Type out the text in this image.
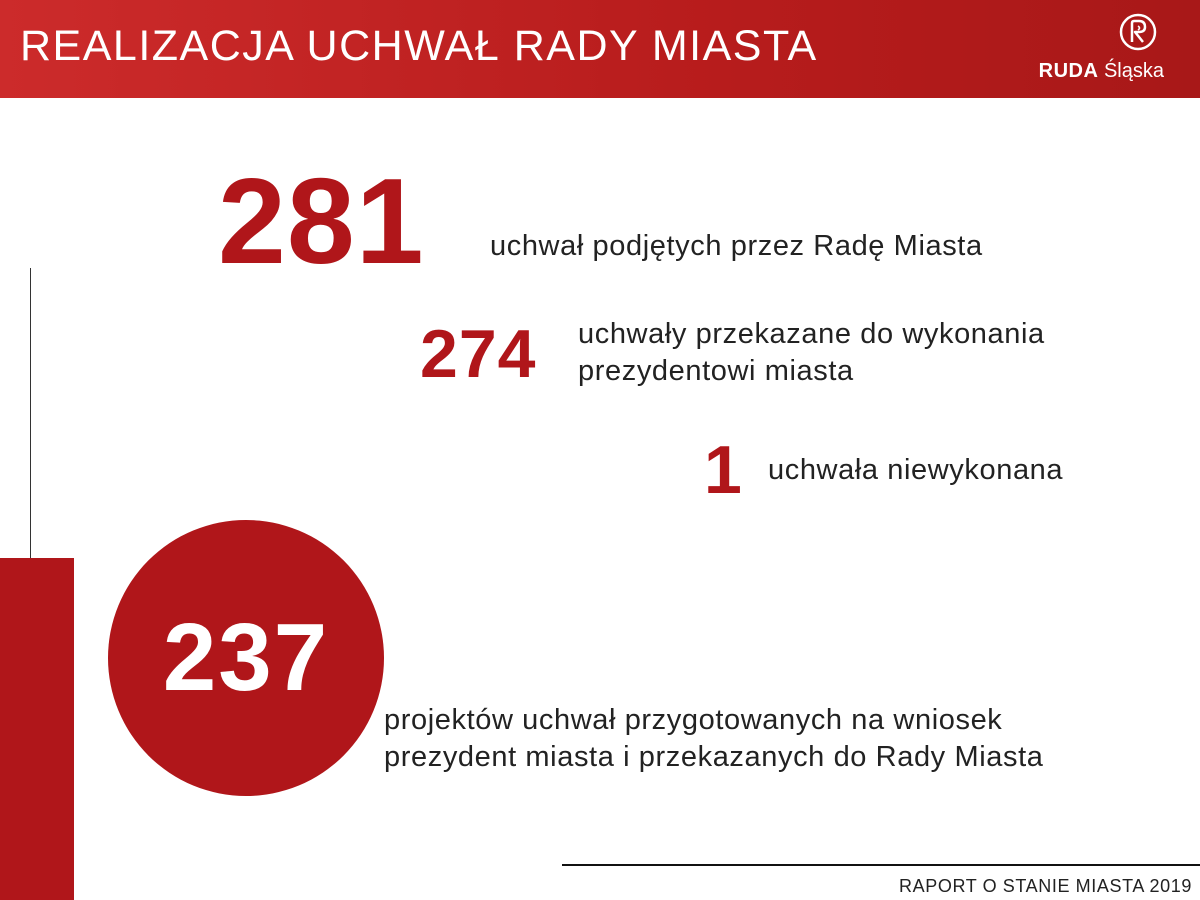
REALIZACJA UCHWAŁ RADY MIASTA
RUDA Śląska
281 uchwał podjętych przez Radę Miasta
274 uchwały przekazane do wykonania
prezydentowi miasta
1 uchwała niewykonana
237
projektów uchwał przygotowanych na wniosek
prezydent miasta i przekazanych do Rady Miasta
RAPORT O STANIE MIASTA 2019
